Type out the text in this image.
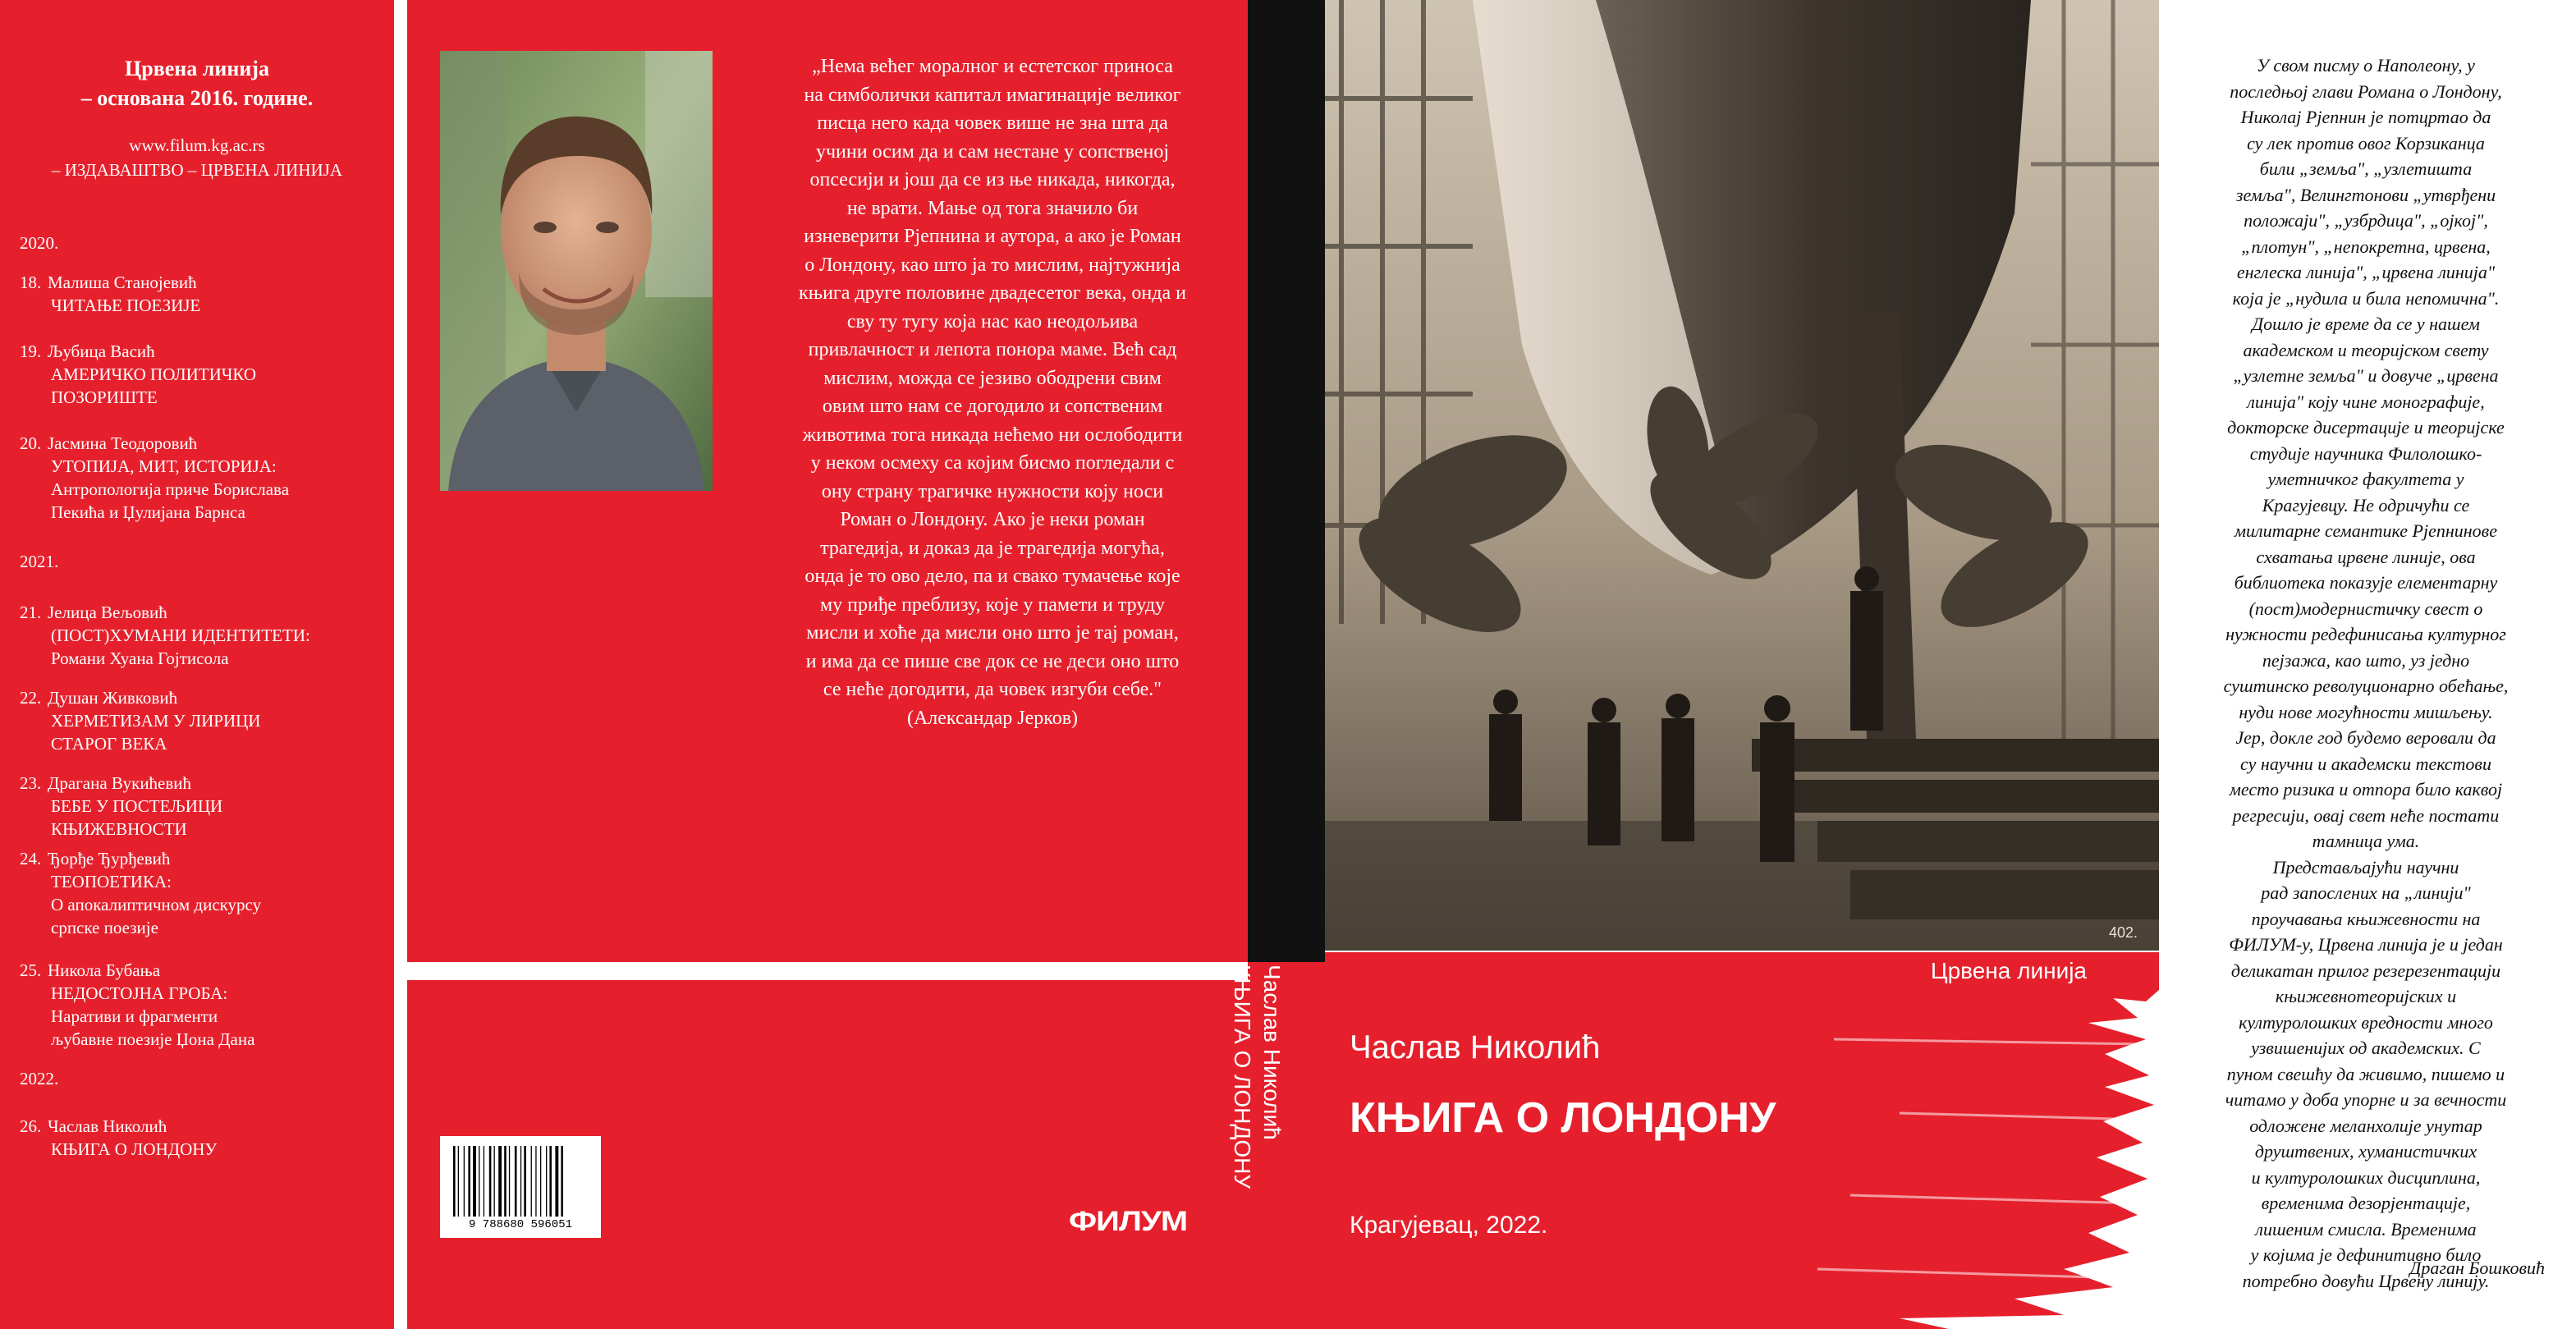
Црвена линија
– основана 2016. године.
www.filum.kg.ac.rs
– ИЗДАВАШТВО – ЦРВЕНА ЛИНИЈА
2020.
18. Малиша Станојевић
ЧИТАЊЕ ПОЕЗИЈЕ
19. Љубица Васић
АМЕРИЧКО ПОЛИТИЧКО
ПОЗОРИШТЕ
20. Јасмина Теодоровић
УТОПИЈА, МИТ, ИСТОРИЈА:
Антропологија приче Борислава
Пекића и Џулијана Барнса
2021.
21. Јелица Вељовић
(ПОСТ)ХУМАНИ ИДЕНТИТЕТИ:
Романи Хуана Гојтисола
22. Душан Живковић
ХЕРМЕТИЗАМ У ЛИРИЦИ
СТАРОГ ВЕКА
23. Драгана Вукићевић
БЕБЕ У ПОСТЕЉИЦИ
КЊИЖЕВНОСТИ
24. Ђорђе Ђурђевић
ТЕОПОЕТИКА:
О апокалиптичном дискурсу
српске поезије
25. Никола Бубања
НЕДОСТОЈНА ГРОБА:
Наративи и фрагменти
љубавне поезије Џона Дана
2022.
26. Часлав Николић
КЊИГА О ЛОНДОНУ
„Нема већег моралног и естетског приноса
на симболички капитал имагинације великог
писца него када човек више не зна шта да
учини осим да и сам нестане у сопственој
опсесији и још да се из ње никада, никогда,
не врати. Мање од тога значило би
изневерити Рјепнина и аутора, а ако је Роман
о Лондону, као што ја то мислим, најтужнија
књига друге половине двадесетог века, онда и
сву ту тугу која нас као неодољива
привлачност и лепота понора маме. Већ сад
мислим, можда се језиво ободрени свим
овим што нам се догодило и сопственим
животима тога никада нећемо ни ослободити
у неком осмеху са којим бисмо погледали с
ону страну трагичке нужности коју носи
Роман о Лондону. Ако је неки роман
трагедија, и доказ да је трагедија могућа,
онда је то ово дело, па и свако тумачење које
му приђе преблизу, које у памети и труду
мисли и хоће да мисли оно што је тај роман,
и има да се пише све док се не деси оно што
се неће догодити, да човек изгуби себе."
(Александар Јерков)
9 788680 596051	ФИЛУМ
Часлав Николић
КЊИГА О ЛОНДОНУ
402.
Црвена линија
Часлав Николић
КЊИГА О ЛОНДОНУ
Крагујевац, 2022.
У свом писму о Наполеону, у
последњој глави Романа о Лондону,
Николај Рјепнин је потцртао да
су лек против овог Корзиканца
били „земља", „узлетишта
земља", Велингтонови „утврђени
положаји", „узбрдица", „ојкој",
„плотун", „непокретна, црвена,
енглеска линија", „црвена линија"
која је „нудила и била непомична".
Дошло је време да се у нашем
академском и теоријском свету
„узлетне земља" и довуче „црвена
линија" коју чине монографије,
докторске дисертације и теоријске
студије научника Филолошко-
уметничког факултета у
Крагујевцу. Не одричући се
милитарне семантике Рјепнинове
схватања црвене линије, ова
библиотека показује елементарну
(пост)модернистичку свест о
нужности редефинисања културног
пејзажа, као што, уз једно
суштинско револуционарно обећање,
нуди нове могућности мишљењу.
Јер, докле год будемо веровали да
су научни и академски текстови
место ризика и отпора било каквој
регресији, овај свет неће постати
тамница ума.
Представљајући научни
рад запослених на „линији"
проучавања књижевности на
ФИЛУМ-у, Црвена линија је и један
деликатан прилог резерезентацији
књижевнотеоријских и
културолошких вредности много
узвишенијих од академских. С
пуном свешћу да живимо, пишемо и
читамо у доба упорне и за вечности
одложене меланхолије унутар
друштвених, хуманистичких
и културолошких дисциплина,
временима дезорјентације,
лишеним смисла. Временима
у којима је дефинитивно било
потребно довући Црвену линију.
Драган Бошковић
